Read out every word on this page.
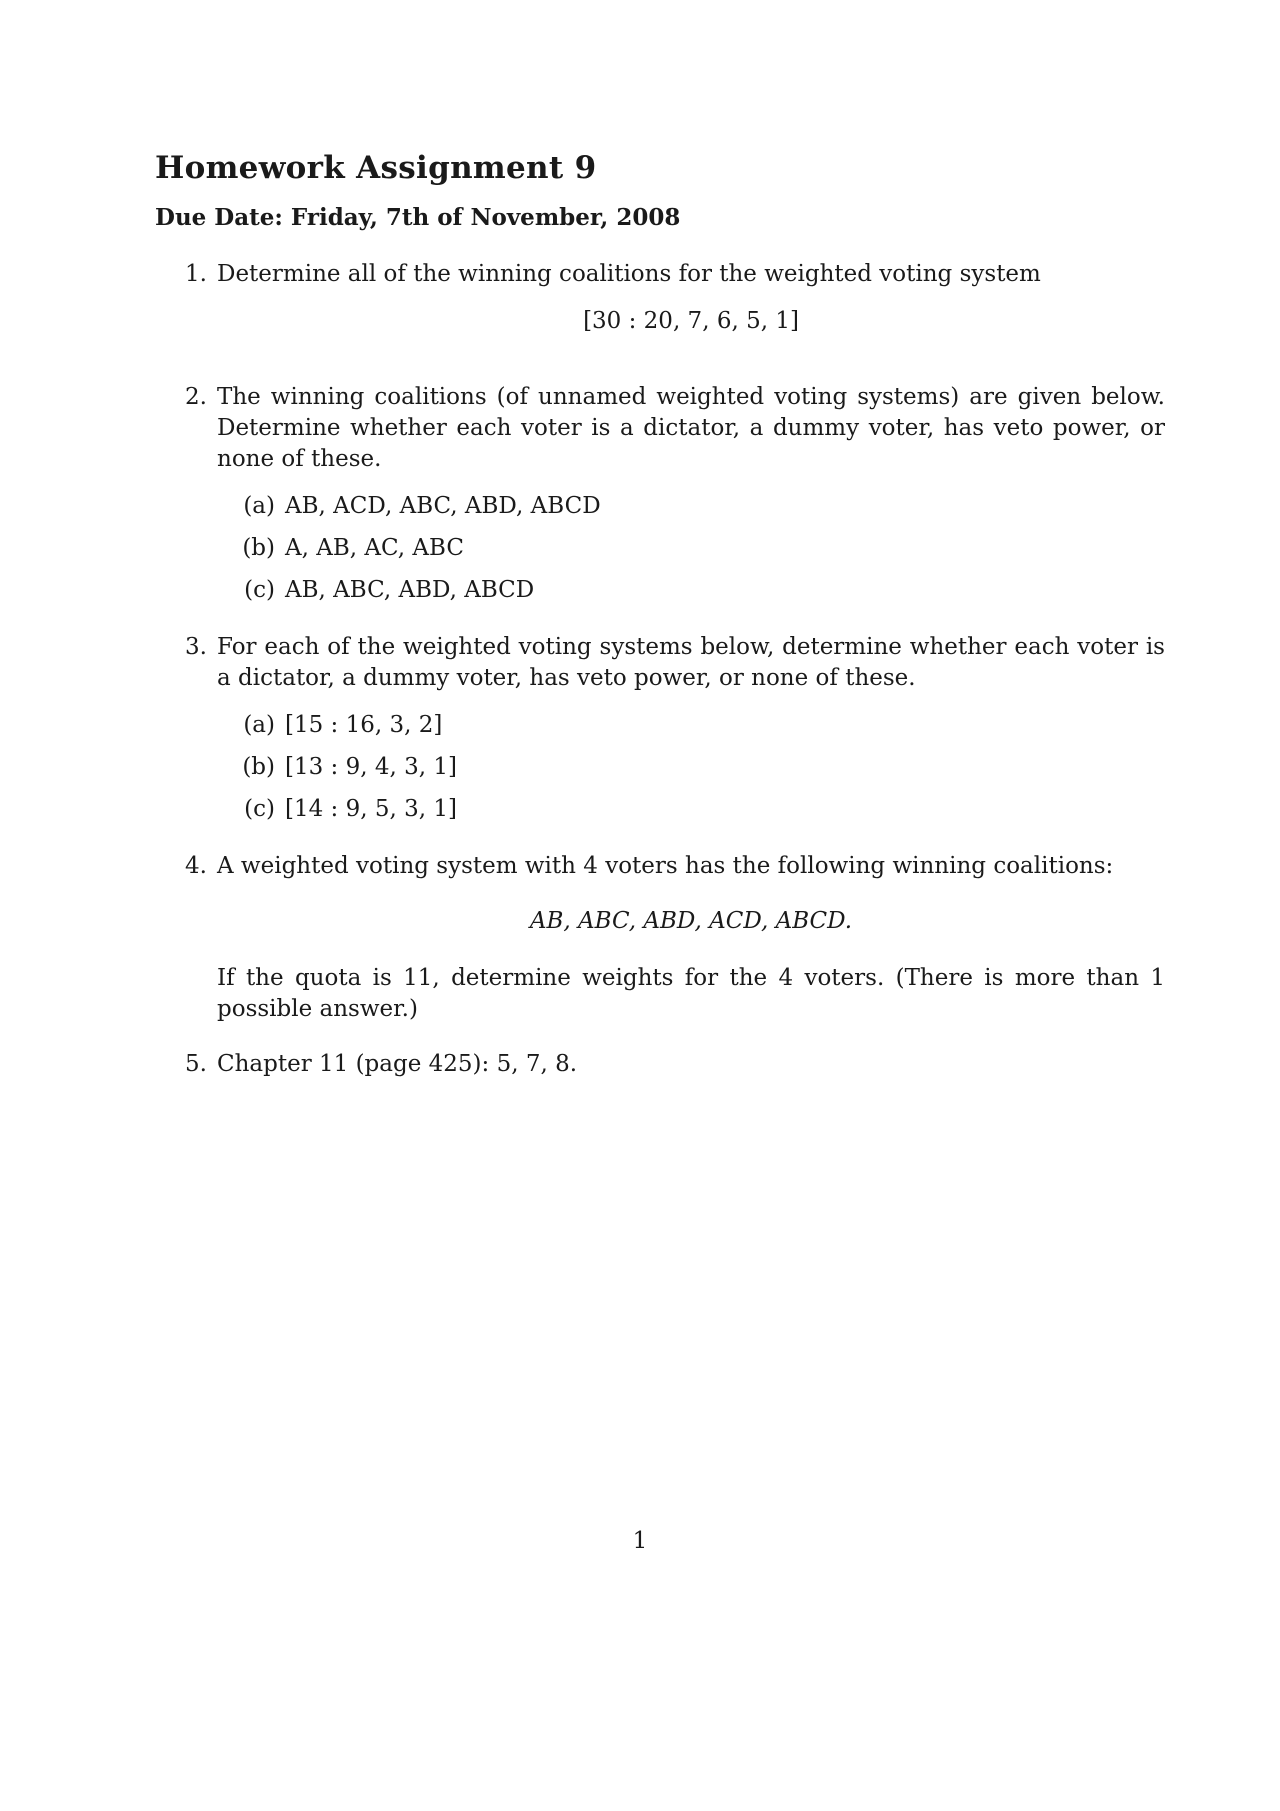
Homework Assignment 9
Due Date: Friday, 7th of November, 2008
1. Determine all of the winning coalitions for the weighted voting system
[30 : 20, 7, 6, 5, 1]
2. The winning coalitions (of unnamed weighted voting systems) are given below. Determine whether each voter is a dictator, a dummy voter, has veto power, or none of these.
(a) AB, ACD, ABC, ABD, ABCD
(b) A, AB, AC, ABC
(c) AB, ABC, ABD, ABCD
3. For each of the weighted voting systems below, determine whether each voter is a dictator, a dummy voter, has veto power, or none of these.
(a) [15 : 16, 3, 2]
(b) [13 : 9, 4, 3, 1]
(c) [14 : 9, 5, 3, 1]
4. A weighted voting system with 4 voters has the following winning coalitions:
AB, ABC, ABD, ACD, ABCD.
If the quota is 11, determine weights for the 4 voters. (There is more than 1 possible answer.)
5. Chapter 11 (page 425): 5, 7, 8.
1
